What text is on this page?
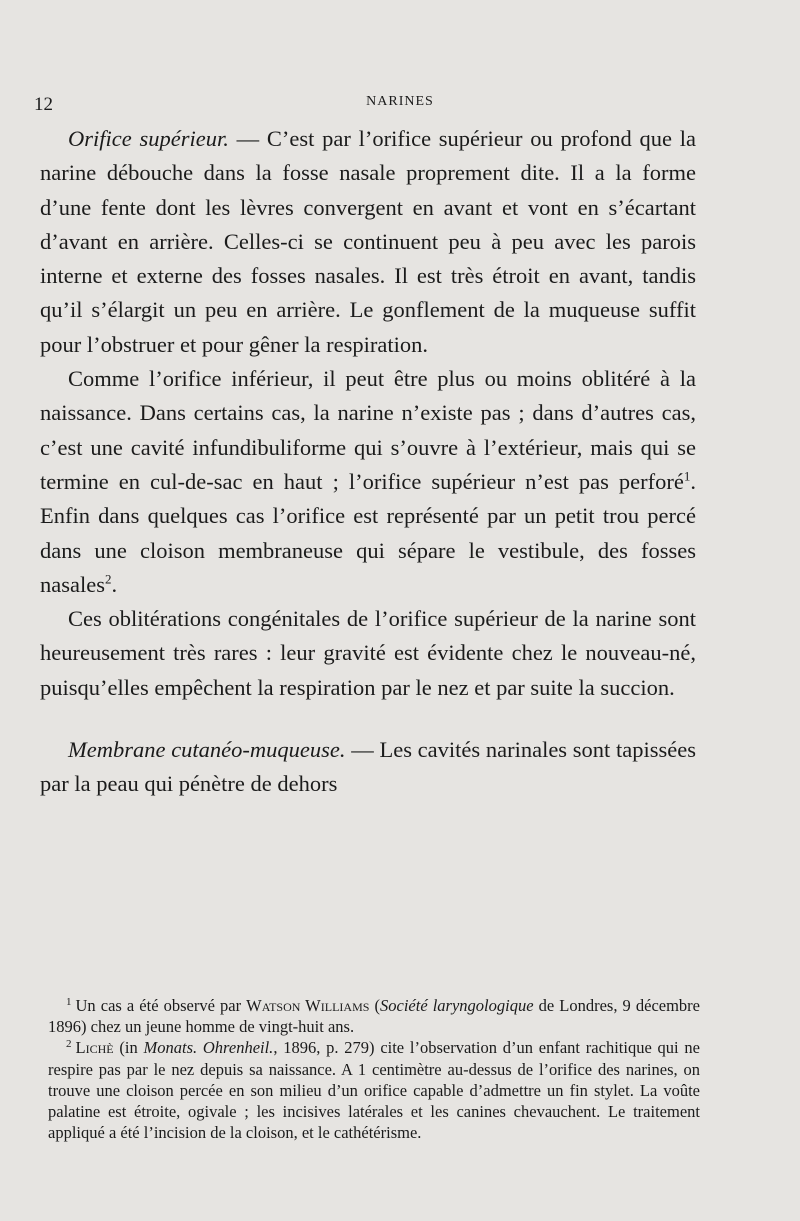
12	NARINES

Orifice supérieur. — C’est par l’orifice supérieur ou profond que la narine débouche dans la fosse nasale proprement dite. Il a la forme d’une fente dont les lèvres convergent en avant et vont en s’écartant d’avant en arrière. Celles-ci se continuent peu à peu avec les parois interne et externe des fosses nasales. Il est très étroit en avant, tandis qu’il s’élargit un peu en arrière. Le gonflement de la muqueuse suffit pour l’obstruer et pour gêner la respiration.

Comme l’orifice inférieur, il peut être plus ou moins oblitéré à la naissance. Dans certains cas, la narine n’existe pas ; dans d’autres cas, c’est une cavité infundibuliforme qui s’ouvre à l’extérieur, mais qui se termine en cul-de-sac en haut ; l’orifice supérieur n’est pas perforé$^1$. Enfin dans quelques cas l’orifice est représenté par un petit trou percé dans une cloison membraneuse qui sépare le vestibule, des fosses nasales$^2$.

Ces oblitérations congénitales de l’orifice supérieur de la narine sont heureusement très rares : leur gravité est évidente chez le nouveau-né, puisqu’elles empêchent la respiration par le nez et par suite la succion.

Membrane cutanéo-muqueuse. — Les cavités narinales sont tapissées par la peau qui pénètre de dehors

$^1$ Un cas a été observé par Watson Williams (Société laryngologique de Londres, 9 décembre 1896) chez un jeune homme de vingt-huit ans.

$^2$ Lichè (in Monats. Ohrenheil., 1896, p. 279) cite l’observation d’un enfant rachitique qui ne respire pas par le nez depuis sa naissance. A 1 centimètre au-dessus de l’orifice des narines, on trouve une cloison percée en son milieu d’un orifice capable d’admettre un fin stylet. La voûte palatine est étroite, ogivale ; les incisives latérales et les canines chevauchent. Le traitement appliqué a été l’incision de la cloison, et le cathétérisme.
